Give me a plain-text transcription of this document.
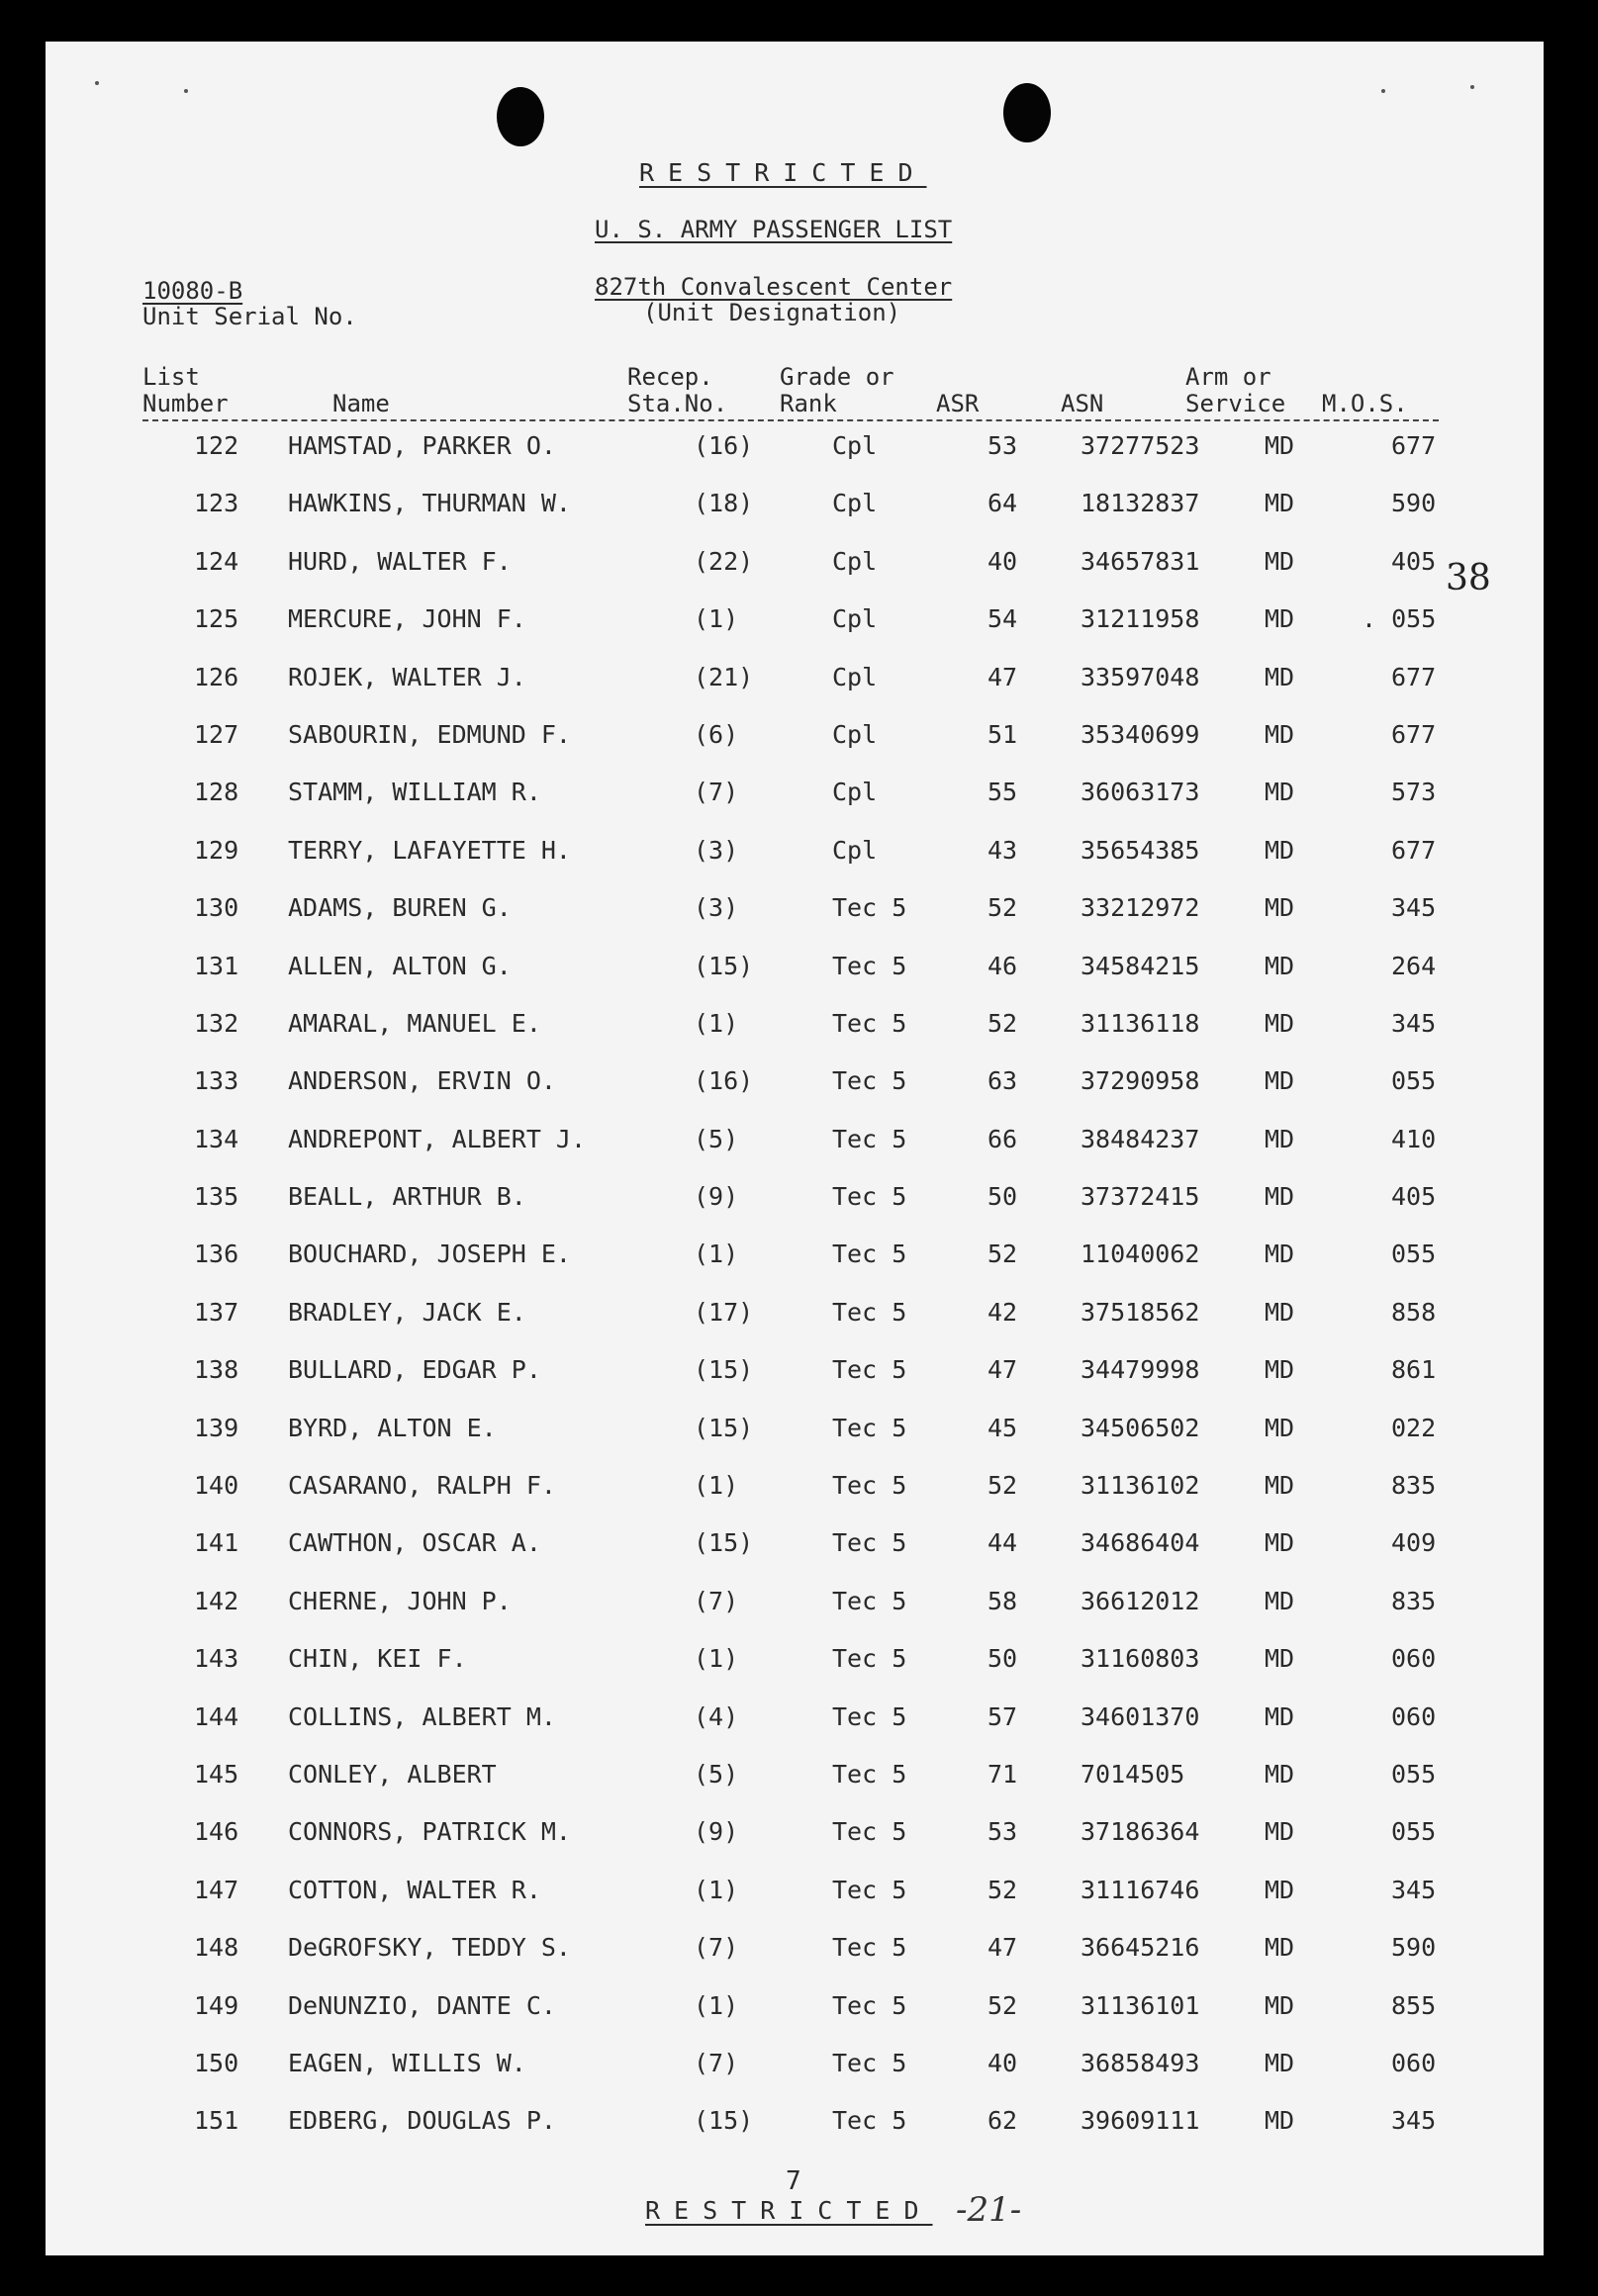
RESTRICTED
U. S. ARMY PASSENGER LIST
10080-B
Unit Serial No.
827th Convalescent Center
(Unit Designation)
List
Number	Name
Recep.
Sta.No.
Grade or
Rank	ASR	ASN
Arm or
Service M.O.S.
38
122 HAMSTAD, PARKER O.	(16)	Cpl	53	37277523	MD	677
123 HAWKINS, THURMAN W.	(18)	Cpl	64	18132837	MD	590
124 HURD, WALTER F.	(22)	Cpl	40	34657831	MD	405
125 MERCURE, JOHN F.	(1)	Cpl	54	31211958	MD	. 055
126 ROJEK, WALTER J.	(21)	Cpl	47	33597048	MD	677
127 SABOURIN, EDMUND F.	(6)	Cpl	51	35340699	MD	677
128 STAMM, WILLIAM R.	(7)	Cpl	55	36063173	MD	573
129 TERRY, LAFAYETTE H.	(3)	Cpl	43	35654385	MD	677
130 ADAMS, BUREN G.	(3)	Tec 5	52	33212972	MD	345
131 ALLEN, ALTON G.	(15)	Tec 5	46	34584215	MD	264
132 AMARAL, MANUEL E.	(1)	Tec 5	52	31136118	MD	345
133 ANDERSON, ERVIN O.	(16)	Tec 5	63	37290958	MD	055
134 ANDREPONT, ALBERT J.	(5)	Tec 5	66	38484237	MD	410
135 BEALL, ARTHUR B.	(9)	Tec 5	50	37372415	MD	405
136 BOUCHARD, JOSEPH E.	(1)	Tec 5	52	11040062	MD	055
137 BRADLEY, JACK E.	(17)	Tec 5	42	37518562	MD	858
138 BULLARD, EDGAR P.	(15)	Tec 5	47	34479998	MD	861
139 BYRD, ALTON E.	(15)	Tec 5	45	34506502	MD	022
140 CASARANO, RALPH F.	(1)	Tec 5	52	31136102	MD	835
141 CAWTHON, OSCAR A.	(15)	Tec 5	44	34686404	MD	409
142 CHERNE, JOHN P.	(7)	Tec 5	58	36612012	MD	835
143 CHIN, KEI F.	(1)	Tec 5	50	31160803	MD	060
144 COLLINS, ALBERT M.	(4)	Tec 5	57	34601370	MD	060
145 CONLEY, ALBERT	(5)	Tec 5	71	7014505	MD	055
146 CONNORS, PATRICK M.	(9)	Tec 5	53	37186364	MD	055
147 COTTON, WALTER R.	(1)	Tec 5	52	31116746	MD	345
148 DeGROFSKY, TEDDY S.	(7)	Tec 5	47	36645216	MD	590
149 DeNUNZIO, DANTE C.	(1)	Tec 5	52	31136101	MD	855
150 EAGEN, WILLIS W.	(7)	Tec 5	40	36858493	MD	060
151 EDBERG, DOUGLAS P.	(15)	Tec 5	62	39609111	MD	345
7
RESTRICTED -21-
